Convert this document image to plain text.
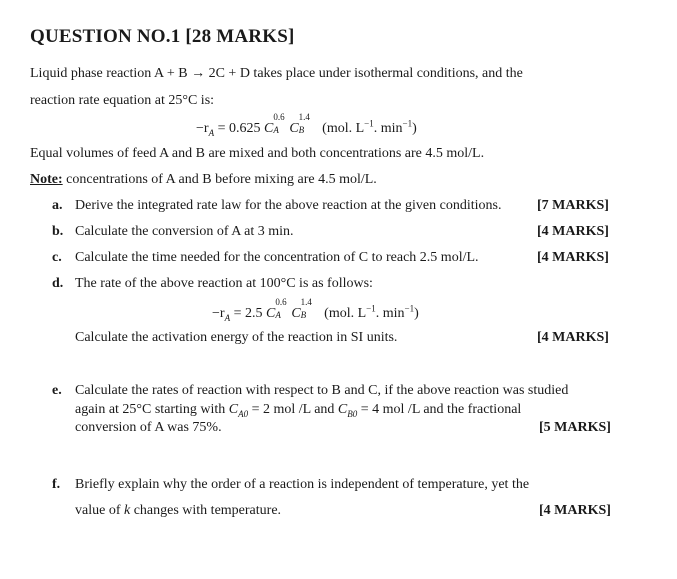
QUESTION NO.1 [28 MARKS]
Liquid phase reaction A + B → 2C + D takes place under isothermal conditions, and the
reaction rate equation at 25°C is:
$-r_A = 0.625$ C
0.6
A C
1.4
B (mol. $L^{-1}$. $\min^{-1}$)
Equal volumes of feed A and B are mixed and both concentrations are 4.5 mol/L.
Note: concentrations of A and B before mixing are 4.5 mol/L.
a. Derive the integrated rate law for the above reaction at the given conditions.	[7 MARKS]
b. Calculate the conversion of A at 3 min.	[4 MARKS]
c. Calculate the time needed for the concentration of C to reach 2.5 mol/L.	[4 MARKS]
d. The rate of the above reaction at 100°C is as follows:
$-r_A = 2.5$ C
0.6
A C
1.4
B (mol. $L^{-1}$. $\min^{-1}$)
Calculate the activation energy of the reaction in SI units.	[4 MARKS]
e. Calculate the rates of reaction with respect to B and C, if the above reaction was studied
again at 25°C starting with $C_{A0} = 2$ mol /L and $C_{B0} = 4$ mol /L and the fractional
conversion of A was 75%.	[5 MARKS]
f. Briefly explain why the order of a reaction is independent of temperature, yet the
value of k changes with temperature.	[4 MARKS]
